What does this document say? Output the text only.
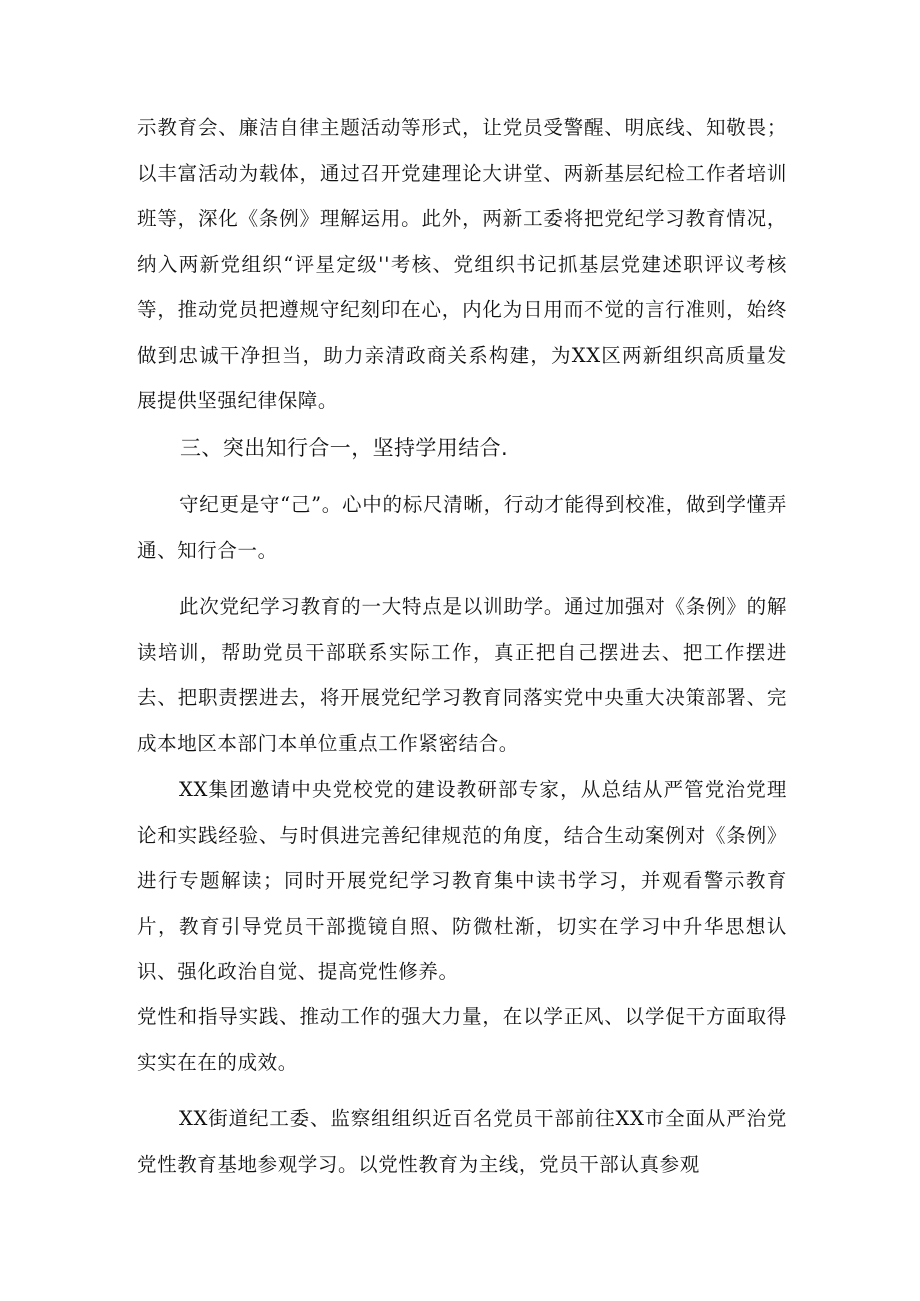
示教育会、廉洁自律主题活动等形式，让党员受警醒、明底线、知敬畏；以丰富活动为载体，通过召开党建理论大讲堂、两新基层纪检工作者培训班等，深化《条例》理解运用。此外，两新工委将把党纪学习教育情况，纳入两新党组织“评星定级''考核、党组织书记抓基层党建述职评议考核等，推动党员把遵规守纪刻印在心，内化为日用而不觉的言行准则，始终做到忠诚干净担当，助力亲清政商关系构建，为XX区两新组织高质量发展提供坚强纪律保障。

三、突出知行合一，坚持学用结合.

守纪更是守“己”。心中的标尺清晰，行动才能得到校准，做到学懂弄通、知行合一。

此次党纪学习教育的一大特点是以训助学。通过加强对《条例》的解读培训，帮助党员干部联系实际工作，真正把自己摆进去、把工作摆进去、把职责摆进去，将开展党纪学习教育同落实党中央重大决策部署、完成本地区本部门本单位重点工作紧密结合。

XX集团邀请中央党校党的建设教研部专家，从总结从严管党治党理论和实践经验、与时俱进完善纪律规范的角度，结合生动案例对《条例》进行专题解读；同时开展党纪学习教育集中读书学习，并观看警示教育片，教育引导党员干部揽镜自照、防微杜渐，切实在学习中升华思想认识、强化政治自觉、提高党性修养。

党性和指导实践、推动工作的强大力量，在以学正风、以学促干方面取得实实在在的成效。

XX街道纪工委、监察组组织近百名党员干部前往XX市全面从严治党党性教育基地参观学习。以党性教育为主线，党员干部认真参观
